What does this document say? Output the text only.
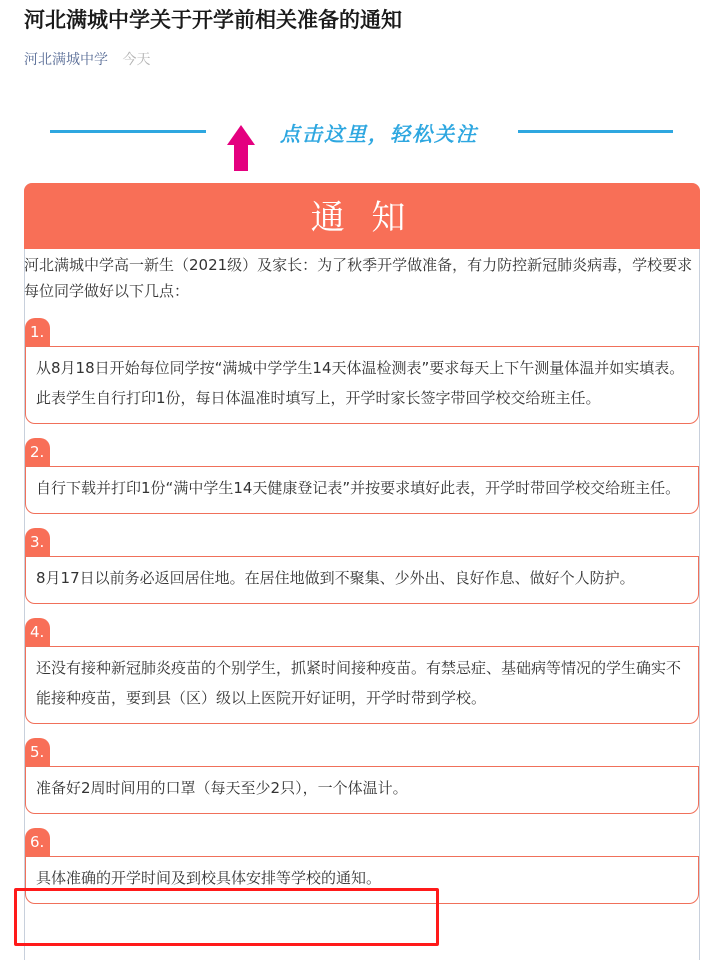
河北满城中学关于开学前相关准备的通知
河北满城中学 今天
点击这里，轻松关注
通 知
河北满城中学高一新生（2021级）及家长：为了秋季开学做准备，有力防控新冠肺炎病毒，学校要求每位同学做好以下几点：
1.
从8月18日开始每位同学按“满城中学学生14天体温检测表”要求每天上下午测量体温并如实填表。此表学生自行打印1份，每日体温准时填写上，开学时家长签字带回学校交给班主任。
2.
自行下载并打印1份“满中学生14天健康登记表”并按要求填好此表，开学时带回学校交给班主任。
3.
8月17日以前务必返回居住地。在居住地做到不聚集、少外出、良好作息、做好个人防护。
4.
还没有接种新冠肺炎疫苗的个别学生，抓紧时间接种疫苗。有禁忌症、基础病等情况的学生确实不能接种疫苗，要到县（区）级以上医院开好证明，开学时带到学校。
5.
准备好2周时间用的口罩（每天至少2只），一个体温计。
6.
具体准确的开学时间及到校具体安排等学校的通知。
